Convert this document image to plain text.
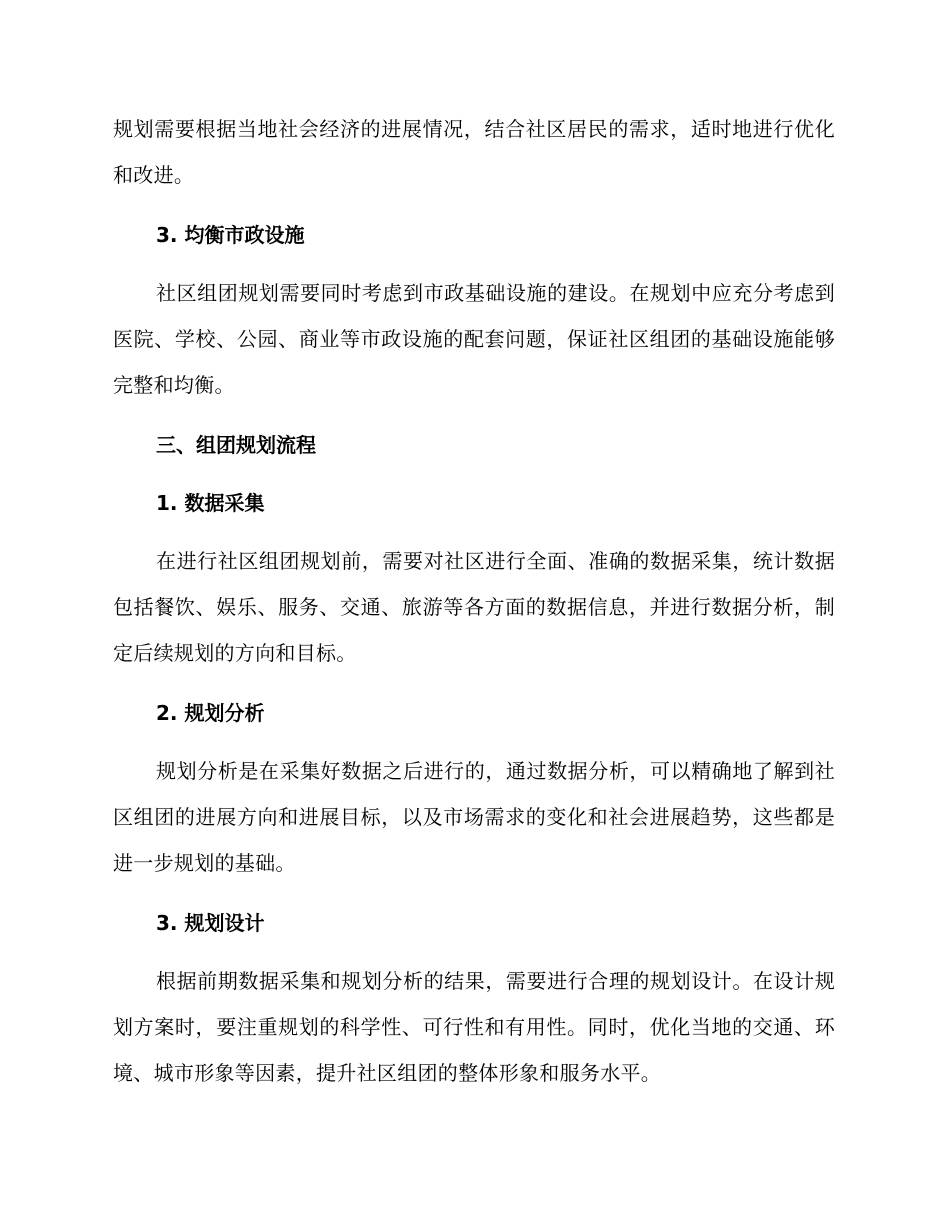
规划需要根据当地社会经济的进展情况，结合社区居民的需求，适时地进行优化和改进。

3. 均衡市政设施

社区组团规划需要同时考虑到市政基础设施的建设。在规划中应充分考虑到医院、学校、公园、商业等市政设施的配套问题，保证社区组团的基础设施能够完整和均衡。

三、组团规划流程

1. 数据采集

在进行社区组团规划前，需要对社区进行全面、准确的数据采集，统计数据包括餐饮、娱乐、服务、交通、旅游等各方面的数据信息，并进行数据分析，制定后续规划的方向和目标。

2. 规划分析

规划分析是在采集好数据之后进行的，通过数据分析，可以精确地了解到社区组团的进展方向和进展目标，以及市场需求的变化和社会进展趋势，这些都是进一步规划的基础。

3. 规划设计

根据前期数据采集和规划分析的结果，需要进行合理的规划设计。在设计规划方案时，要注重规划的科学性、可行性和有用性。同时，优化当地的交通、环境、城市形象等因素，提升社区组团的整体形象和服务水平。
